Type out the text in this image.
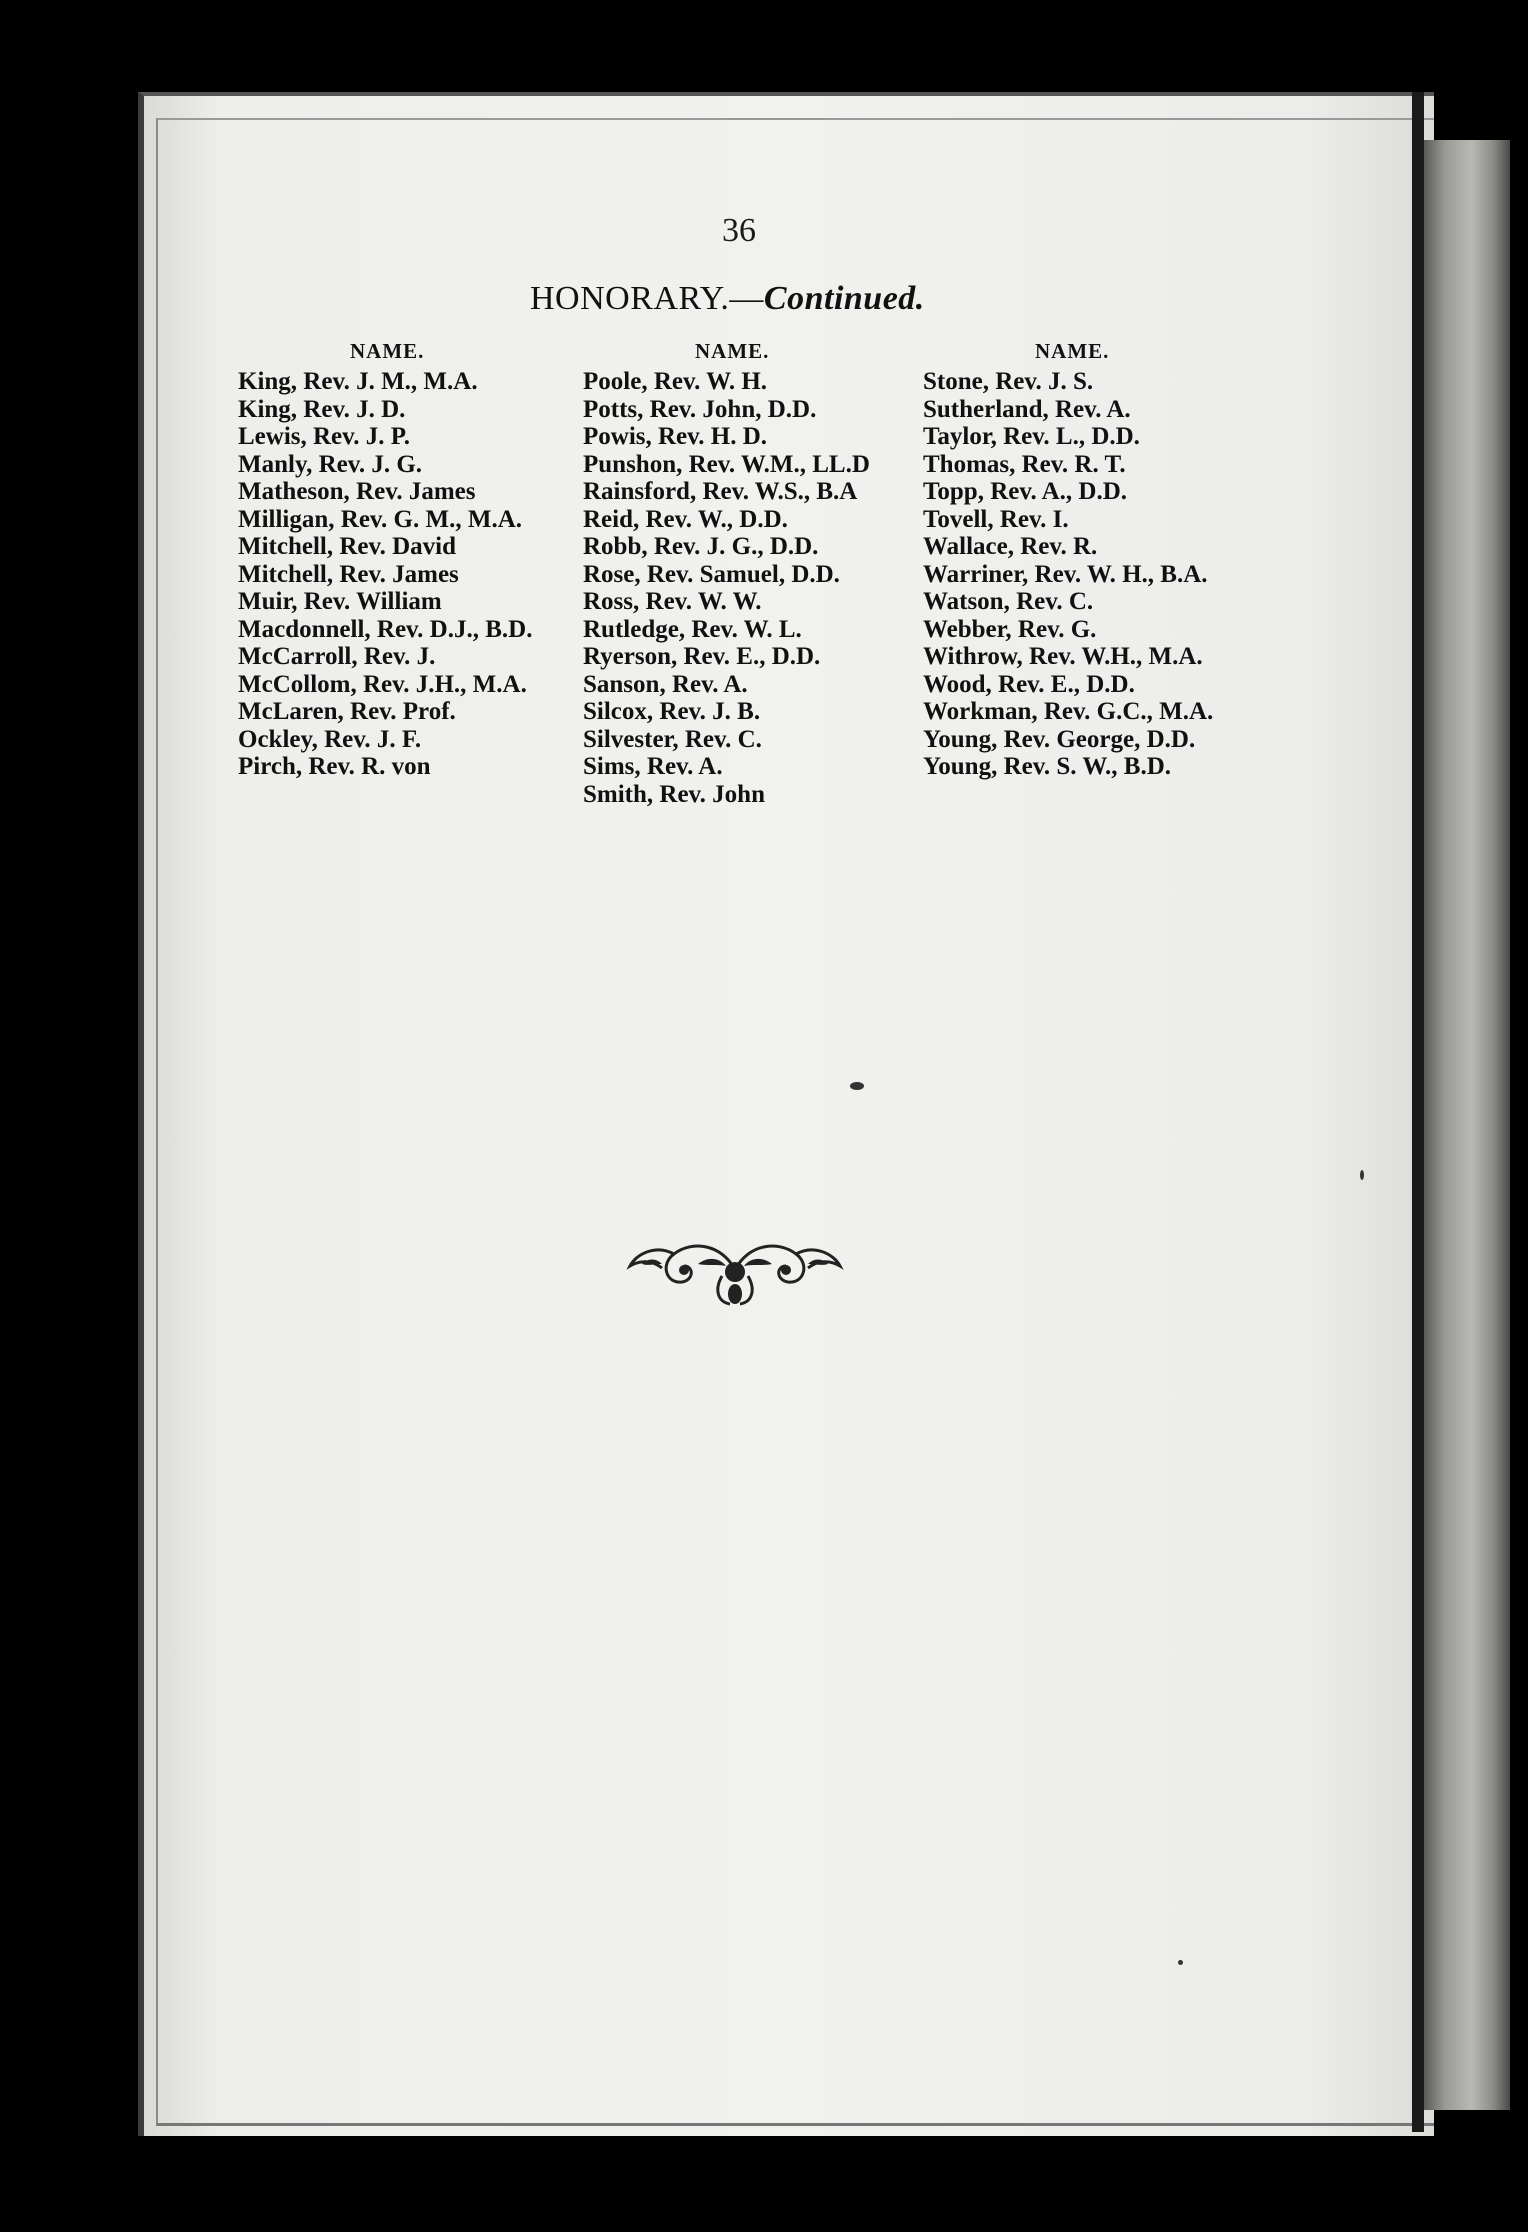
36
HONORARY.—Continued.
NAME.
King, Rev. J. M., M.A.
King, Rev. J. D.
Lewis, Rev. J. P.
Manly, Rev. J. G.
Matheson, Rev. James
Milligan, Rev. G. M., M.A.
Mitchell, Rev. David
Mitchell, Rev. James
Muir, Rev. William
Macdonnell, Rev. D.J., B.D.
McCarroll, Rev. J.
McCollom, Rev. J.H., M.A.
McLaren, Rev. Prof.
Ockley, Rev. J. F.
Pirch, Rev. R. von
NAME.
Poole, Rev. W. H.
Potts, Rev. John, D.D.
Powis, Rev. H. D.
Punshon, Rev. W.M., LL.D
Rainsford, Rev. W.S., B.A
Reid, Rev. W., D.D.
Robb, Rev. J. G., D.D.
Rose, Rev. Samuel, D.D.
Ross, Rev. W. W.
Rutledge, Rev. W. L.
Ryerson, Rev. E., D.D.
Sanson, Rev. A.
Silcox, Rev. J. B.
Silvester, Rev. C.
Sims, Rev. A.
Smith, Rev. John
NAME.
Stone, Rev. J. S.
Sutherland, Rev. A.
Taylor, Rev. L., D.D.
Thomas, Rev. R. T.
Topp, Rev. A., D.D.
Tovell, Rev. I.
Wallace, Rev. R.
Warriner, Rev. W. H., B.A.
Watson, Rev. C.
Webber, Rev. G.
Withrow, Rev. W.H., M.A.
Wood, Rev. E., D.D.
Workman, Rev. G.C., M.A.
Young, Rev. George, D.D.
Young, Rev. S. W., B.D.
